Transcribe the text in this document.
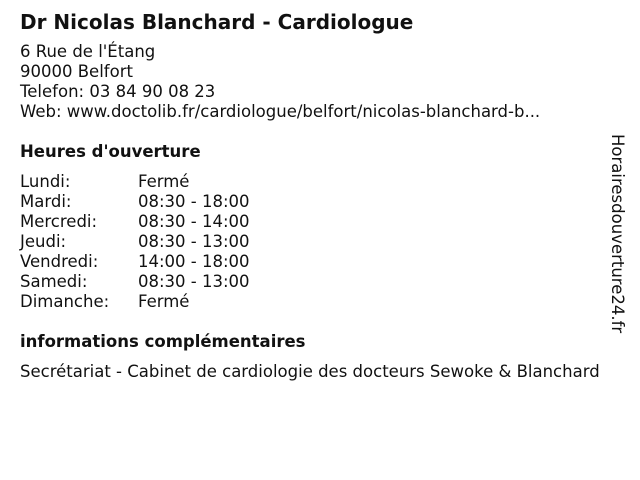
Dr Nicolas Blanchard - Cardiologue
6 Rue de l'Étang
90000 Belfort
Telefon: 03 84 90 08 23
Web: www.doctolib.fr/cardiologue/belfort/nicolas-blanchard-b...
Heures d'ouverture
Lundi:	Fermé
Mardi:	08:30 - 18:00
Mercredi:	08:30 - 14:00
Jeudi:	08:30 - 13:00
Vendredi:	14:00 - 18:00
Samedi:	08:30 - 13:00
Dimanche:	Fermé
informations complémentaires
Secrétariat - Cabinet de cardiologie des docteurs Sewoke & Blanchard
Horairesdouverture24.fr
